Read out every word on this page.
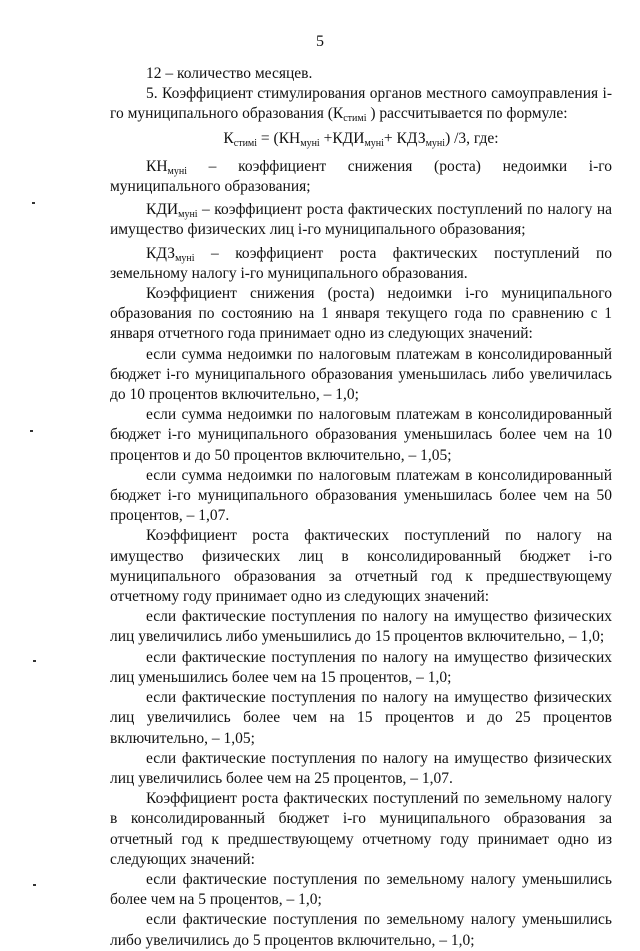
5

12 – количество месяцев.

5. Коэффициент стимулирования органов местного самоуправления i-го муниципального образования ($К_{стимi}$ ) рассчитывается по формуле:

$К_{стимi} = (КН_{муні} +КДИ_{муні}+ КДЗ_{муні})$ /3, где:

$КН_{муні}$ – коэффициент снижения (роста) недоимки i-го муниципального образования;

$КДИ_{муні}$ – коэффициент роста фактических поступлений по налогу на имущество физических лиц i-го муниципального образования;

$КДЗ_{муні}$ – коэффициент роста фактических поступлений по земельному налогу i-го муниципального образования.

Коэффициент снижения (роста) недоимки i-го муниципального образования по состоянию на 1 января текущего года по сравнению с 1 января отчетного года принимает одно из следующих значений:

если сумма недоимки по налоговым платежам в консолидированный бюджет i-го муниципального образования уменьшилась либо увеличилась до 10 процентов включительно, – 1,0;

если сумма недоимки по налоговым платежам в консолидированный бюджет i-го муниципального образования уменьшилась более чем на 10 процентов и до 50 процентов включительно, – 1,05;

если сумма недоимки по налоговым платежам в консолидированный бюджет i-го муниципального образования уменьшилась более чем на 50 процентов, – 1,07.

Коэффициент роста фактических поступлений по налогу на имущество физических лиц в консолидированный бюджет i-го муниципального образования за отчетный год к предшествующему отчетному году принимает одно из следующих значений:

если фактические поступления по налогу на имущество физических лиц увеличились либо уменьшились до 15 процентов включительно, – 1,0;

если фактические поступления по налогу на имущество физических лиц уменьшились более чем на 15 процентов, – 1,0;

если фактические поступления по налогу на имущество физических лиц увеличились более чем на 15 процентов и до 25 процентов включительно, – 1,05;

если фактические поступления по налогу на имущество физических лиц увеличились более чем на 25 процентов, – 1,07.

Коэффициент роста фактических поступлений по земельному налогу в консолидированный бюджет i-го муниципального образования за отчетный год к предшествующему отчетному году принимает одно из следующих значений:

если фактические поступления по земельному налогу уменьшились более чем на 5 процентов, – 1,0;

если фактические поступления по земельному налогу уменьшились либо увеличились до 5 процентов включительно, – 1,0;
